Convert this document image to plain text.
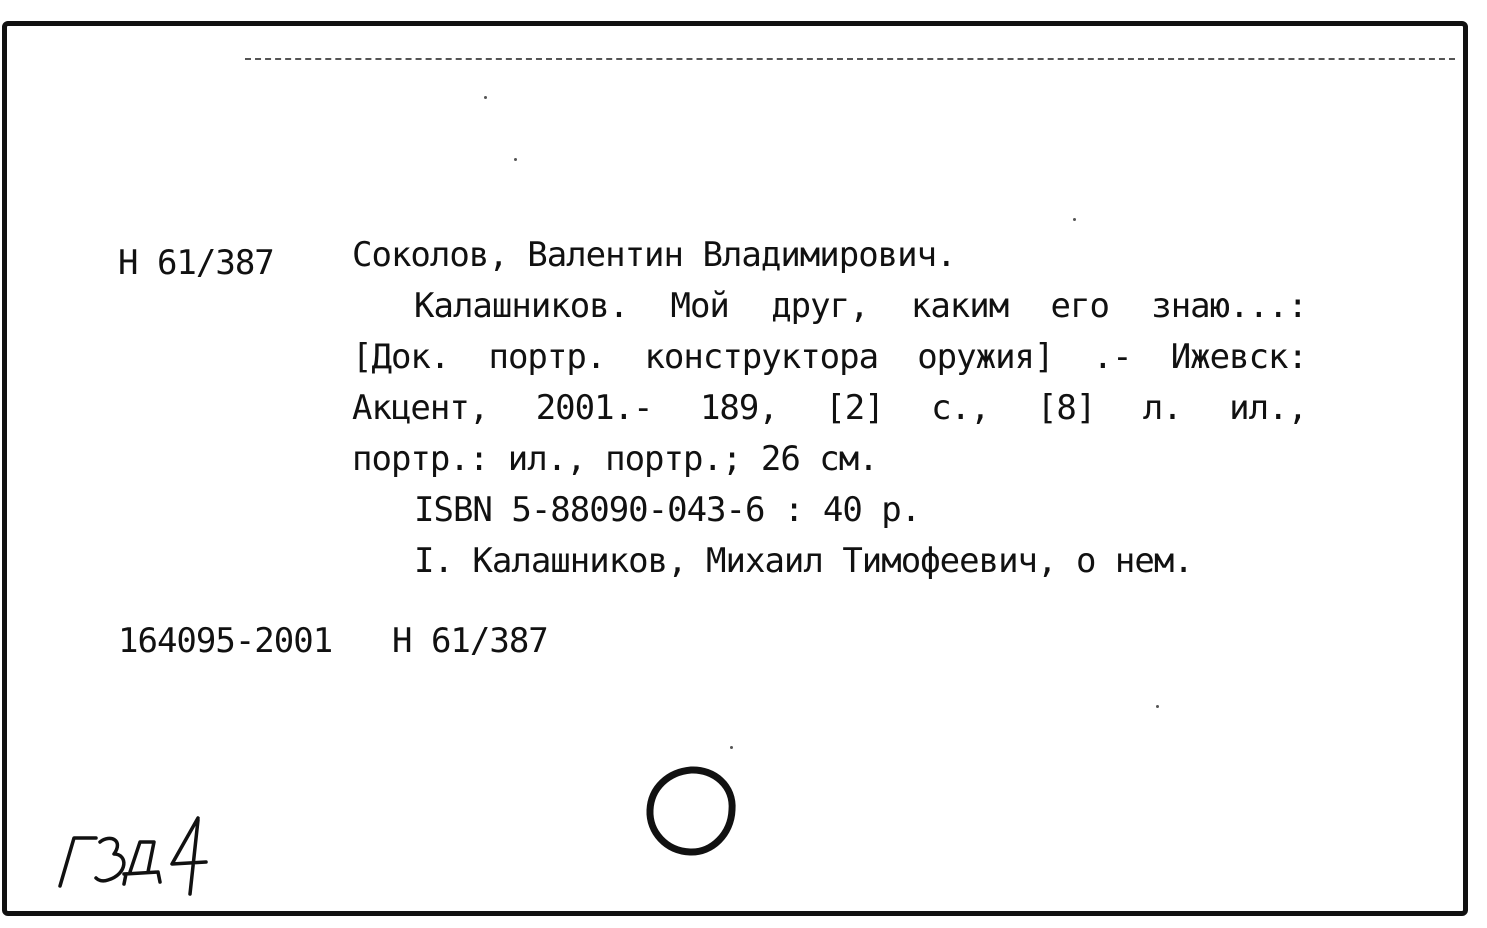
Н 61/387 Соколов, Валентин Владимирович.
Калашников. Мой друг, каким его знаю...:
[Док. портр. конструктора оружия] .- Ижевск:
Акцент, 2001.- 189, [2] с., [8] л. ил.,
портр.: ил., портр.; 26 см.
ISBN 5-88090-043-6 : 40 р.
I. Калашников, Михаил Тимофеевич, о нем.
164095-2001 Н 61/387
